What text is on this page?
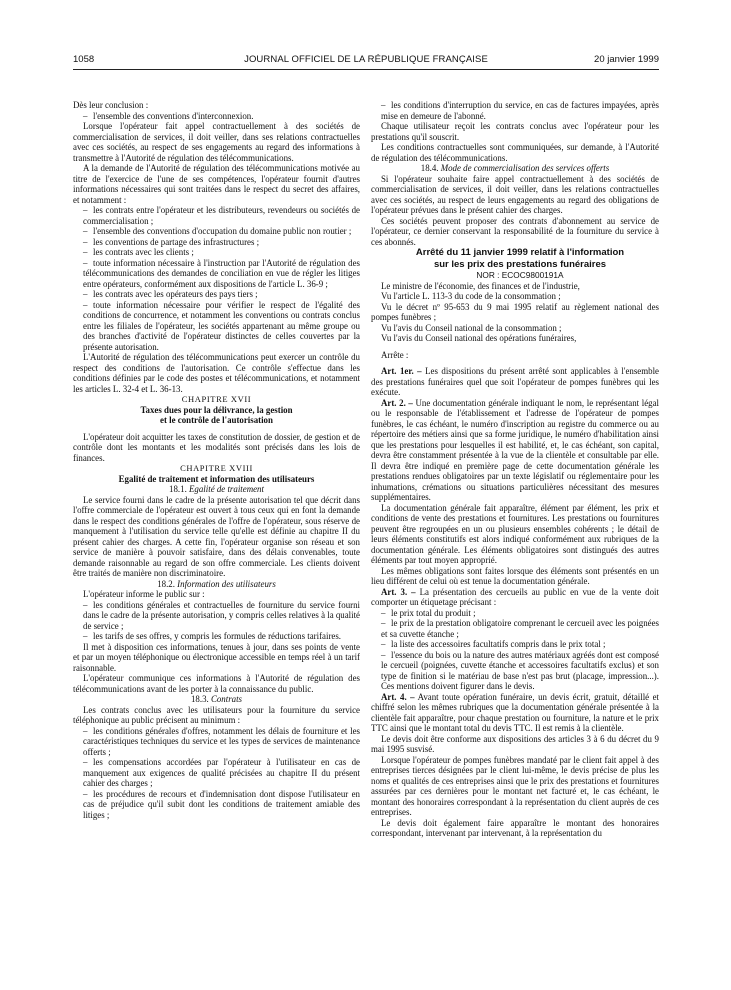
1058	JOURNAL OFFICIEL DE LA RÉPUBLIQUE FRANÇAISE	20 janvier 1999

Dès leur conclusion :

– l'ensemble des conventions d'interconnexion.

Lorsque l'opérateur fait appel contractuellement à des sociétés de commercialisation de services, il doit veiller, dans ses relations contractuelles avec ces sociétés, au respect de ses engagements au regard des informations à transmettre à l'Autorité de régulation des télécommunications.

A la demande de l'Autorité de régulation des télécommunications motivée au titre de l'exercice de l'une de ses compétences, l'opérateur fournit d'autres informations nécessaires qui sont traitées dans le respect du secret des affaires, et notamment :

– les contrats entre l'opérateur et les distributeurs, revendeurs ou sociétés de commercialisation ;

– l'ensemble des conventions d'occupation du domaine public non routier ;

– les conventions de partage des infrastructures ;

– les contrats avec les clients ;

– toute information nécessaire à l'instruction par l'Autorité de régulation des télécommunications des demandes de conciliation en vue de régler les litiges entre opérateurs, conformément aux dispositions de l'article L. 36-9 ;

– les contrats avec les opérateurs des pays tiers ;

– toute information nécessaire pour vérifier le respect de l'égalité des conditions de concurrence, et notamment les conventions ou contrats conclus entre les filiales de l'opérateur, les sociétés appartenant au même groupe ou des branches d'activité de l'opérateur distinctes de celles couvertes par la présente autorisation.

L'Autorité de régulation des télécommunications peut exercer un contrôle du respect des conditions de l'autorisation. Ce contrôle s'effectue dans les conditions définies par le code des postes et télécommunications, et notamment les articles L. 32-4 et L. 36-13.

CHAPITRE XVII

Taxes dues pour la délivrance, la gestion

et le contrôle de l'autorisation

L'opérateur doit acquitter les taxes de constitution de dossier, de gestion et de contrôle dont les montants et les modalités sont précisés dans les lois de finances.

CHAPITRE XVIII

Egalité de traitement et information des utilisateurs

18.1. Egalité de traitement

Le service fourni dans le cadre de la présente autorisation tel que décrit dans l'offre commerciale de l'opérateur est ouvert à tous ceux qui en font la demande dans le respect des conditions générales de l'offre de l'opérateur, sous réserve de manquement à l'utilisation du service telle qu'elle est définie au chapitre II du présent cahier des charges. A cette fin, l'opérateur organise son réseau et son service de manière à pouvoir satisfaire, dans des délais convenables, toute demande raisonnable au regard de son offre commerciale. Les clients doivent être traités de manière non discriminatoire.

18.2. Information des utilisateurs

L'opérateur informe le public sur :

– les conditions générales et contractuelles de fourniture du service fourni dans le cadre de la présente autorisation, y compris celles relatives à la qualité de service ;

– les tarifs de ses offres, y compris les formules de réductions tarifaires.

Il met à disposition ces informations, tenues à jour, dans ses points de vente et par un moyen téléphonique ou électronique accessible en temps réel à un tarif raisonnable.

L'opérateur communique ces informations à l'Autorité de régulation des télécommunications avant de les porter à la connaissance du public.

18.3. Contrats

Les contrats conclus avec les utilisateurs pour la fourniture du service téléphonique au public précisent au minimum :

– les conditions générales d'offres, notamment les délais de fourniture et les caractéristiques techniques du service et les types de services de maintenance offerts ;

– les compensations accordées par l'opérateur à l'utilisateur en cas de manquement aux exigences de qualité précisées au chapitre II du présent cahier des charges ;

– les procédures de recours et d'indemnisation dont dispose l'utilisateur en cas de préjudice qu'il subit dont les conditions de traitement amiable des litiges ;

– les conditions d'interruption du service, en cas de factures impayées, après mise en demeure de l'abonné.

Chaque utilisateur reçoit les contrats conclus avec l'opérateur pour les prestations qu'il souscrit.

Les conditions contractuelles sont communiquées, sur demande, à l'Autorité de régulation des télécommunications.

18.4. Mode de commercialisation des services offerts

Si l'opérateur souhaite faire appel contractuellement à des sociétés de commercialisation de services, il doit veiller, dans les relations contractuelles avec ces sociétés, au respect de leurs engagements au regard des obligations de l'opérateur prévues dans le présent cahier des charges.

Ces sociétés peuvent proposer des contrats d'abonnement au service de l'opérateur, ce dernier conservant la responsabilité de la fourniture du service à ces abonnés.

Arrêté du 11 janvier 1999 relatif à l'information

sur les prix des prestations funéraires

NOR : ECOC9800191A

Le ministre de l'économie, des finances et de l'industrie,

Vu l'article L. 113-3 du code de la consommation ;

Vu le décret nº 95-653 du 9 mai 1995 relatif au règlement national des pompes funèbres ;

Vu l'avis du Conseil national de la consommation ;

Vu l'avis du Conseil national des opérations funéraires,

Arrête :

Art. 1er. – Les dispositions du présent arrêté sont applicables à l'ensemble des prestations funéraires quel que soit l'opérateur de pompes funèbres qui les exécute.

Art. 2. – Une documentation générale indiquant le nom, le représentant légal ou le responsable de l'établissement et l'adresse de l'opérateur de pompes funèbres, le cas échéant, le numéro d'inscription au registre du commerce ou au répertoire des métiers ainsi que sa forme juridique, le numéro d'habilitation ainsi que les prestations pour lesquelles il est habilité, et, le cas échéant, son capital, devra être constamment présentée à la vue de la clientèle et consultable par elle. Il devra être indiqué en première page de cette documentation générale les prestations rendues obligatoires par un texte législatif ou réglementaire pour les inhumations, crémations ou situations particulières nécessitant des mesures supplémentaires.

La documentation générale fait apparaître, élément par élément, les prix et conditions de vente des prestations et fournitures. Les prestations ou fournitures peuvent être regroupées en un ou plusieurs ensembles cohérents ; le détail de leurs éléments constitutifs est alors indiqué conformément aux rubriques de la documentation générale. Les éléments obligatoires sont distingués des autres éléments par tout moyen approprié.

Les mêmes obligations sont faites lorsque des éléments sont présentés en un lieu différent de celui où est tenue la documentation générale.

Art. 3. – La présentation des cercueils au public en vue de la vente doit comporter un étiquetage précisant :

– le prix total du produit ;

– le prix de la prestation obligatoire comprenant le cercueil avec les poignées et sa cuvette étanche ;

– la liste des accessoires facultatifs compris dans le prix total ;

– l'essence du bois ou la nature des autres matériaux agréés dont est composé le cercueil (poignées, cuvette étanche et accessoires facultatifs exclus) et son type de finition si le matériau de base n'est pas brut (placage, impression...). Ces mentions doivent figurer dans le devis.

Art. 4. – Avant toute opération funéraire, un devis écrit, gratuit, détaillé et chiffré selon les mêmes rubriques que la documentation générale présentée à la clientèle fait apparaître, pour chaque prestation ou fourniture, la nature et le prix TTC ainsi que le montant total du devis TTC. Il est remis à la clientèle.

Le devis doit être conforme aux dispositions des articles 3 à 6 du décret du 9 mai 1995 susvisé.

Lorsque l'opérateur de pompes funèbres mandaté par le client fait appel à des entreprises tierces désignées par le client lui-même, le devis précise de plus les noms et qualités de ces entreprises ainsi que le prix des prestations et fournitures assurées par ces dernières pour le montant net facturé et, le cas échéant, le montant des honoraires correspondant à la représentation du client auprès de ces entreprises.

Le devis doit également faire apparaître le montant des honoraires correspondant, intervenant par intervenant, à la représentation du
